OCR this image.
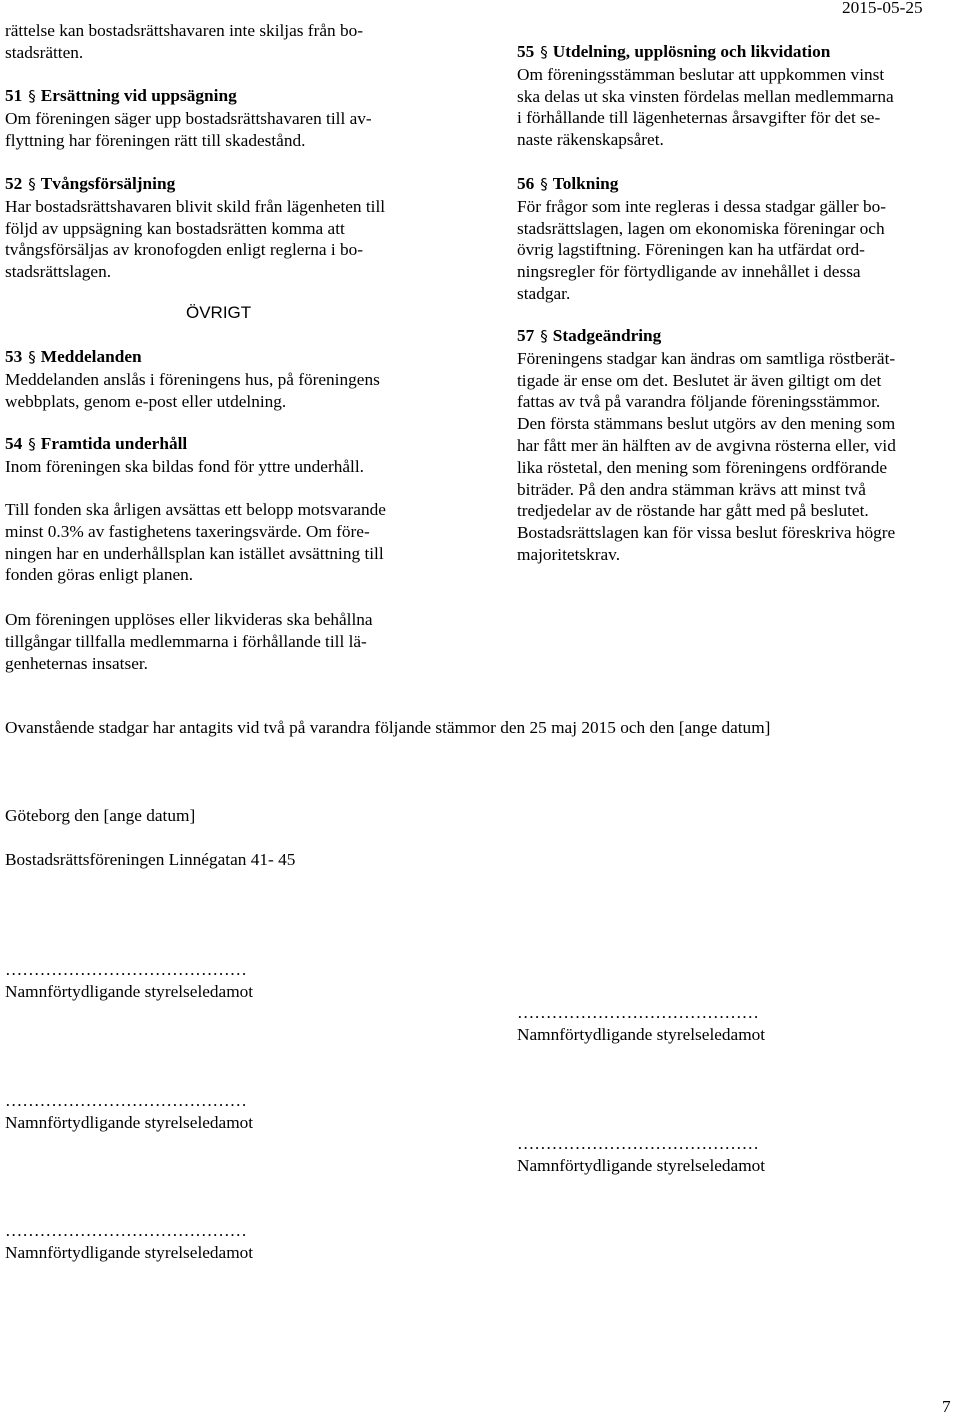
2015-05-25
rättelse kan bostadsrättshavaren inte skiljas från bo-
stadsrätten.
51 § Ersättning vid uppsägning
Om föreningen säger upp bostadsrättshavaren till av-
flyttning har föreningen rätt till skadestånd.
52 § Tvångsförsäljning
Har bostadsrättshavaren blivit skild från lägenheten till
följd av uppsägning kan bostadsrätten komma att
tvångsförsäljas av kronofogden enligt reglerna i bo-
stadsrättslagen.
ÖVRIGT
53 § Meddelanden
Meddelanden anslås i föreningens hus, på föreningens
webbplats, genom e-post eller utdelning.
54 § Framtida underhåll
Inom föreningen ska bildas fond för yttre underhåll.
Till fonden ska årligen avsättas ett belopp motsvarande
minst 0.3% av fastighetens taxeringsvärde. Om före-
ningen har en underhållsplan kan istället avsättning till
fonden göras enligt planen.
Om föreningen upplöses eller likvideras ska behållna
tillgångar tillfalla medlemmarna i förhållande till lä-
genheternas insatser.
55 § Utdelning, upplösning och likvidation
Om föreningsstämman beslutar att uppkommen vinst
ska delas ut ska vinsten fördelas mellan medlemmarna
i förhållande till lägenheternas årsavgifter för det se-
naste räkenskapsåret.
56 § Tolkning
För frågor som inte regleras i dessa stadgar gäller bo-
stadsrättslagen, lagen om ekonomiska föreningar och
övrig lagstiftning. Föreningen kan ha utfärdat ord-
ningsregler för förtydligande av innehållet i dessa
stadgar.
57 § Stadgeändring
Föreningens stadgar kan ändras om samtliga röstberät-
tigade är ense om det. Beslutet är även giltigt om det
fattas av två på varandra följande föreningsstämmor.
Den första stämmans beslut utgörs av den mening som
har fått mer än hälften av de avgivna rösterna eller, vid
lika röstetal, den mening som föreningens ordförande
biträder. På den andra stämman krävs att minst två
tredjedelar av de röstande har gått med på beslutet.
Bostadsrättslagen kan för vissa beslut föreskriva högre
majoritetskrav.
Ovanstående stadgar har antagits vid två på varandra följande stämmor den 25 maj 2015 och den [ange datum]
Göteborg den [ange datum]
Bostadsrättsföreningen Linnégatan 41- 45
……………………………………
Namnförtydligande styrelseledamot
……………………………………
Namnförtydligande styrelseledamot
……………………………………
Namnförtydligande styrelseledamot
……………………………………
Namnförtydligande styrelseledamot
……………………………………
Namnförtydligande styrelseledamot
7
